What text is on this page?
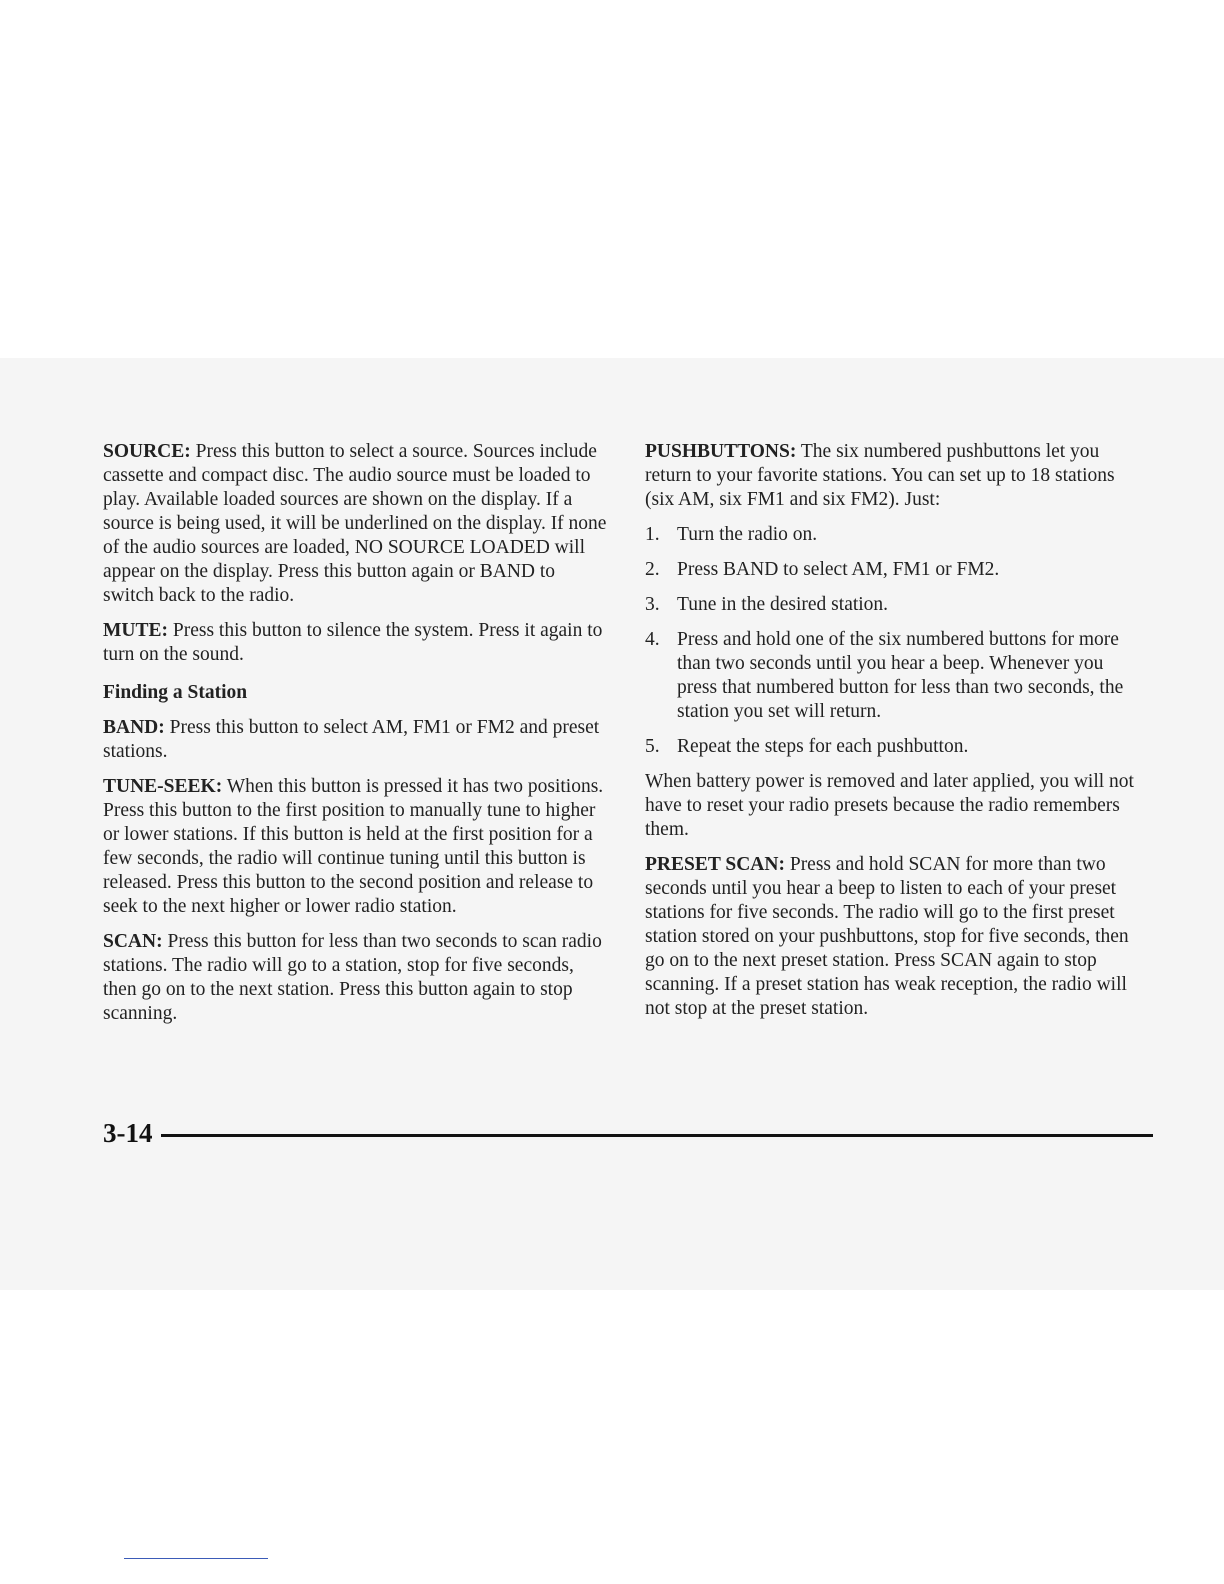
SOURCE: Press this button to select a source. Sources include cassette and compact disc. The audio source must be loaded to play. Available loaded sources are shown on the display. If a source is being used, it will be underlined on the display. If none of the audio sources are loaded, NO SOURCE LOADED will appear on the display. Press this button again or BAND to switch back to the radio.

MUTE: Press this button to silence the system. Press it again to turn on the sound.

Finding a Station

BAND: Press this button to select AM, FM1 or FM2 and preset stations.

TUNE-SEEK: When this button is pressed it has two positions. Press this button to the first position to manually tune to higher or lower stations. If this button is held at the first position for a few seconds, the radio will continue tuning until this button is released. Press this button to the second position and release to seek to the next higher or lower radio station.

SCAN: Press this button for less than two seconds to scan radio stations. The radio will go to a station, stop for five seconds, then go on to the next station. Press this button again to stop scanning.

PUSHBUTTONS: The six numbered pushbuttons let you return to your favorite stations. You can set up to 18 stations (six AM, six FM1 and six FM2). Just:

1. Turn the radio on.
2. Press BAND to select AM, FM1 or FM2.
3. Tune in the desired station.
4. Press and hold one of the six numbered buttons for more than two seconds until you hear a beep. Whenever you press that numbered button for less than two seconds, the station you set will return.
5. Repeat the steps for each pushbutton.

When battery power is removed and later applied, you will not have to reset your radio presets because the radio remembers them.

PRESET SCAN: Press and hold SCAN for more than two seconds until you hear a beep to listen to each of your preset stations for five seconds. The radio will go to the first preset station stored on your pushbuttons, stop for five seconds, then go on to the next preset station. Press SCAN again to stop scanning. If a preset station has weak reception, the radio will not stop at the preset station.

3-14
